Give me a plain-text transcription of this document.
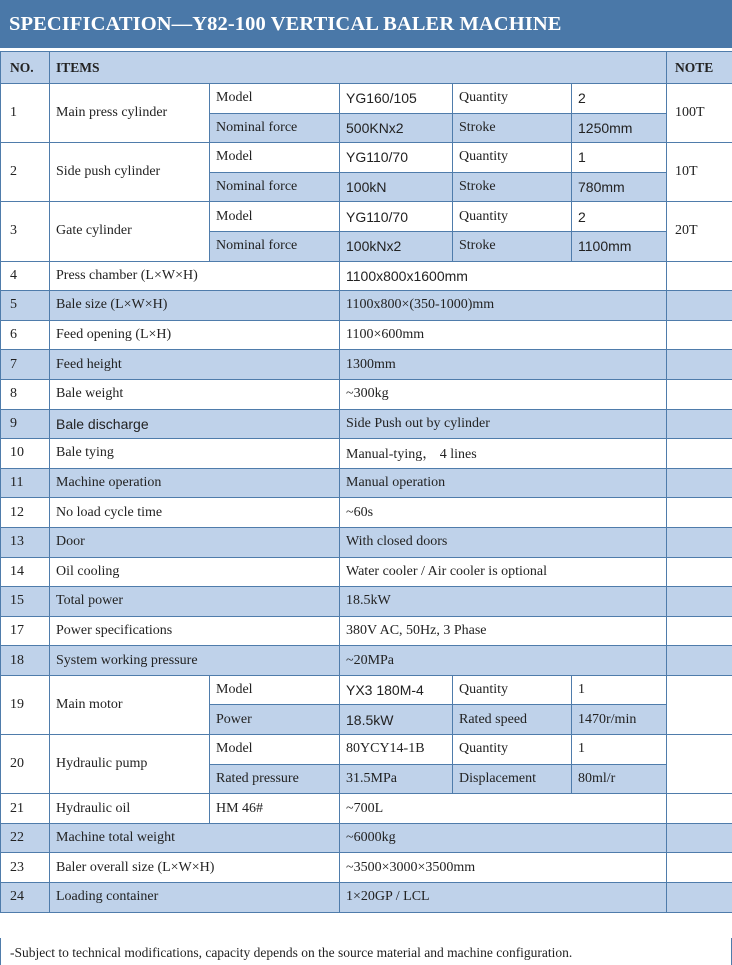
SPECIFICATION—Y82-100 VERTICAL BALER MACHINE
NO.	ITEMS					NOTE
1	Main press cylinder	Model	YG160/105	Quantity	2	100T
		Nominal force	500KNx2	Stroke	1250mm	
2	Side push cylinder	Model	YG110/70	Quantity	1	10T
		Nominal force	100kN	Stroke	780mm	
3	Gate cylinder	Model	YG110/70	Quantity	2	20T
		Nominal force	100kNx2	Stroke	1100mm	
4	Press chamber (L×W×H)		1100x800x1600mm			
5	Bale size (L×W×H)		1100x800×(350-1000)mm			
6	Feed opening (L×H)		1100×600mm			
7	Feed height		1300mm			
8	Bale weight		~300kg			
9	Bale discharge		Side Push out by cylinder			
10	Bale tying		Manual-tying， 4 lines			
11	Machine operation		Manual operation			
12	No load cycle time		~60s			
13	Door		With closed doors			
14	Oil cooling		Water cooler / Air cooler is optional			
15	Total power		18.5kW			
17	Power specifications		380V AC, 50Hz, 3 Phase			
18	System working pressure		~20MPa			
19	Main motor	Model	YX3 180M-4	Quantity	1	
		Power	18.5kW	Rated speed	1470r/min	
20	Hydraulic pump	Model	80YCY14-1B	Quantity	1	
		Rated pressure	31.5MPa	Displacement	80ml/r	
21	Hydraulic oil	HM 46#	~700L			
22	Machine total weight		~6000kg			
23	Baler overall size (L×W×H)		~3500×3000×3500mm			
24	Loading container		1×20GP / LCL			
-Subject to technical modifications, capacity depends on the source material and machine configuration.
